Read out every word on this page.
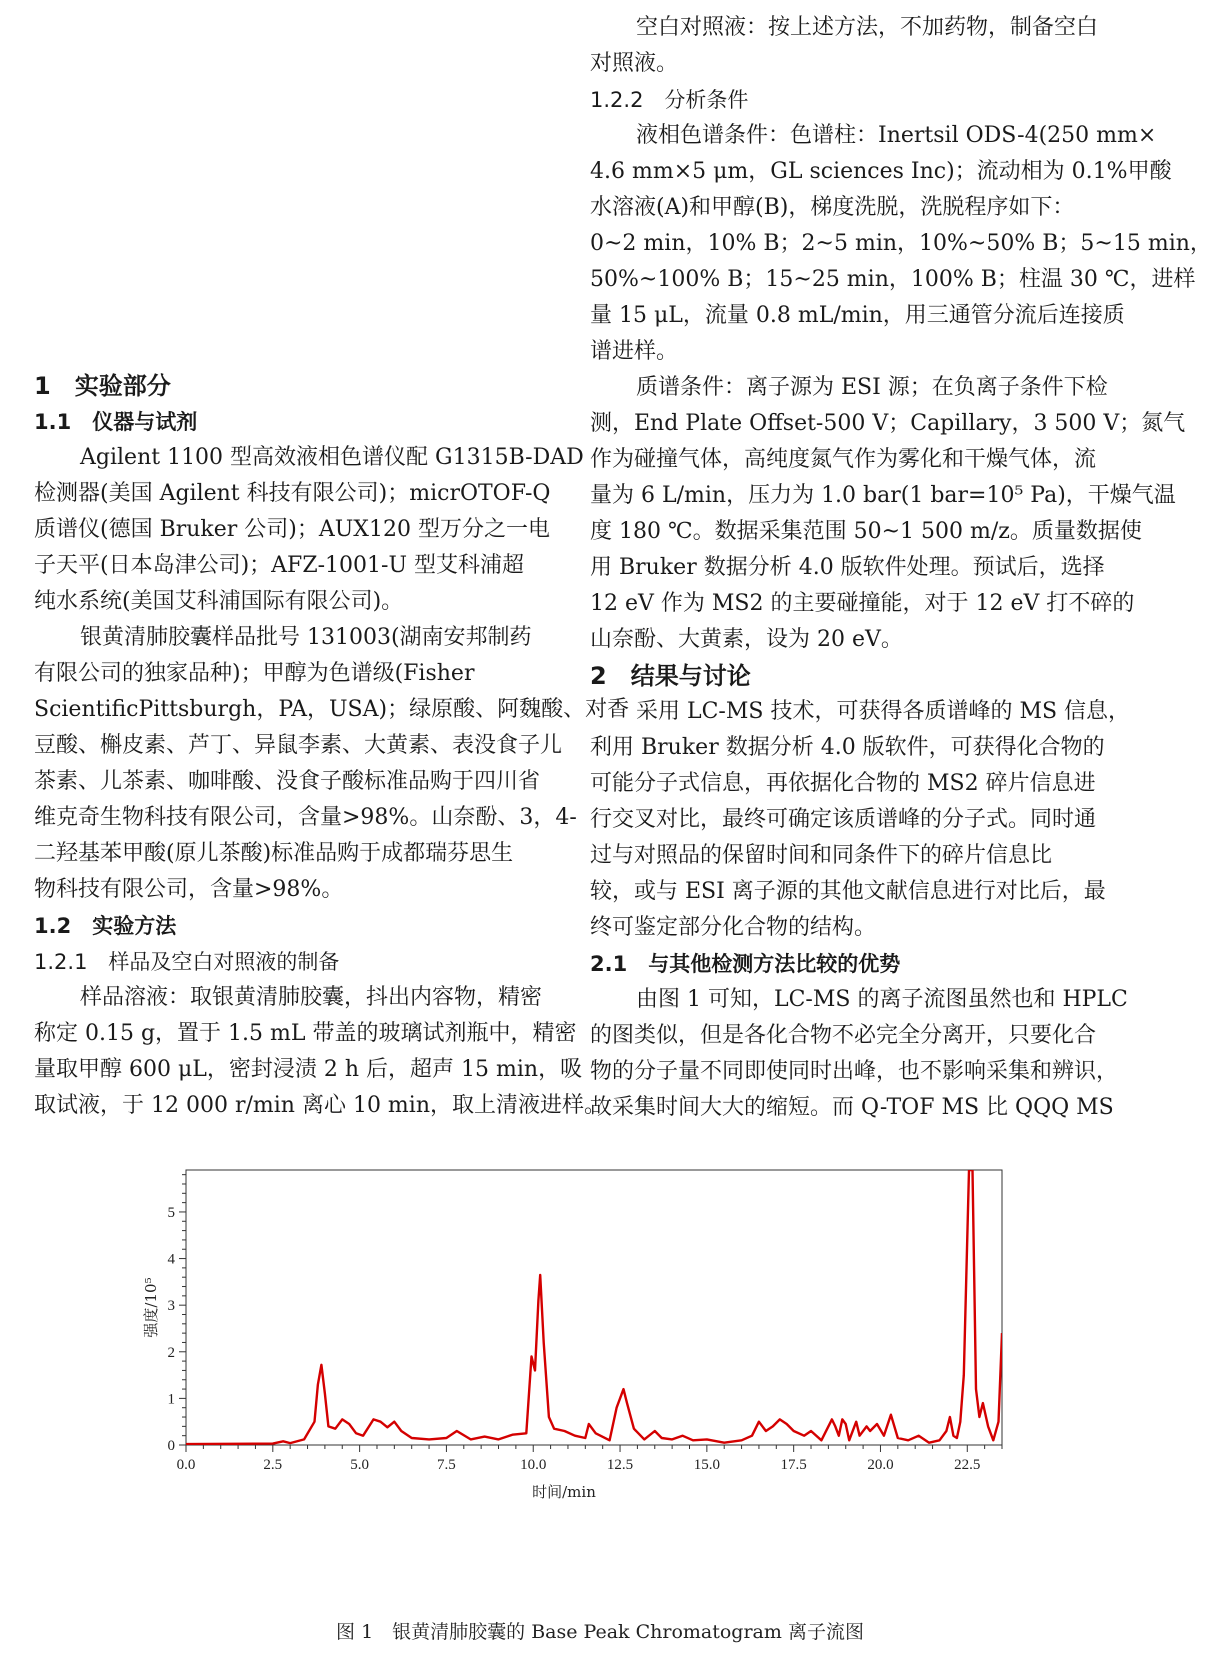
1　实验部分
1.1　仪器与试剂
Agilent 1100 型高效液相色谱仪配 G1315B-DAD
检测器(美国 Agilent 科技有限公司)；micrOTOF-Q
质谱仪(德国 Bruker 公司)；AUX120 型万分之一电
子天平(日本岛津公司)；AFZ-1001-U 型艾科浦超
纯水系统(美国艾科浦国际有限公司)。
银黄清肺胶囊样品批号 131003(湖南安邦制药
有限公司的独家品种)；甲醇为色谱级(Fisher
ScientificPittsburgh，PA，USA)；绿原酸、阿魏酸、对香
豆酸、槲皮素、芦丁、异鼠李素、大黄素、表没食子儿
茶素、儿茶素、咖啡酸、没食子酸标准品购于四川省
维克奇生物科技有限公司，含量>98%。山奈酚、3，4-
二羟基苯甲酸(原儿茶酸)标准品购于成都瑞芬思生
物科技有限公司，含量>98%。
1.2　实验方法
1.2.1　样品及空白对照液的制备
样品溶液：取银黄清肺胶囊，抖出内容物，精密
称定 0.15 g，置于 1.5 mL 带盖的玻璃试剂瓶中，精密
量取甲醇 600 μL，密封浸渍 2 h 后，超声 15 min，吸
取试液，于 12 000 r/min 离心 10 min，取上清液进样。
空白对照液：按上述方法，不加药物，制备空白
对照液。
1.2.2　分析条件
液相色谱条件：色谱柱：Inertsil ODS-4(250 mm×
4.6 mm×5 μm，GL sciences Inc)；流动相为 0.1%甲酸
水溶液(A)和甲醇(B)，梯度洗脱，洗脱程序如下：
0~2 min，10% B；2~5 min，10%~50% B；5~15 min，
50%~100% B；15~25 min，100% B；柱温 30 ℃，进样
量 15 μL，流量 0.8 mL/min，用三通管分流后连接质
谱进样。
质谱条件：离子源为 ESI 源；在负离子条件下检
测，End Plate Offset-500 V；Capillary，3 500 V；氮气
作为碰撞气体，高纯度氮气作为雾化和干燥气体，流
量为 6 L/min，压力为 1.0 bar(1 bar=10⁵ Pa)，干燥气温
度 180 ℃。数据采集范围 50~1 500 m/z。质量数据使
用 Bruker 数据分析 4.0 版软件处理。预试后，选择
12 eV 作为 MS2 的主要碰撞能，对于 12 eV 打不碎的
山奈酚、大黄素，设为 20 eV。
2　结果与讨论
采用 LC-MS 技术，可获得各质谱峰的 MS 信息，
利用 Bruker 数据分析 4.0 版软件，可获得化合物的
可能分子式信息，再依据化合物的 MS2 碎片信息进
行交叉对比，最终可确定该质谱峰的分子式。同时通
过与对照品的保留时间和同条件下的碎片信息比
较，或与 ESI 离子源的其他文献信息进行对比后，最
终可鉴定部分化合物的结构。
2.1　与其他检测方法比较的优势
由图 1 可知，LC-MS 的离子流图虽然也和 HPLC
的图类似，但是各化合物不必完全分离开，只要化合
物的分子量不同即使同时出峰，也不影响采集和辨识，
故采集时间大大的缩短。而 Q-TOF MS 比 QQQ MS
0.0	2.5	5.0	7.5	10.0	12.5	15.0	17.5	20.0	22.5
0
1
2
3
4
5
时间/min
强度/10⁵
图 1　银黄清肺胶囊的 Base Peak Chromatogram 离子流图
